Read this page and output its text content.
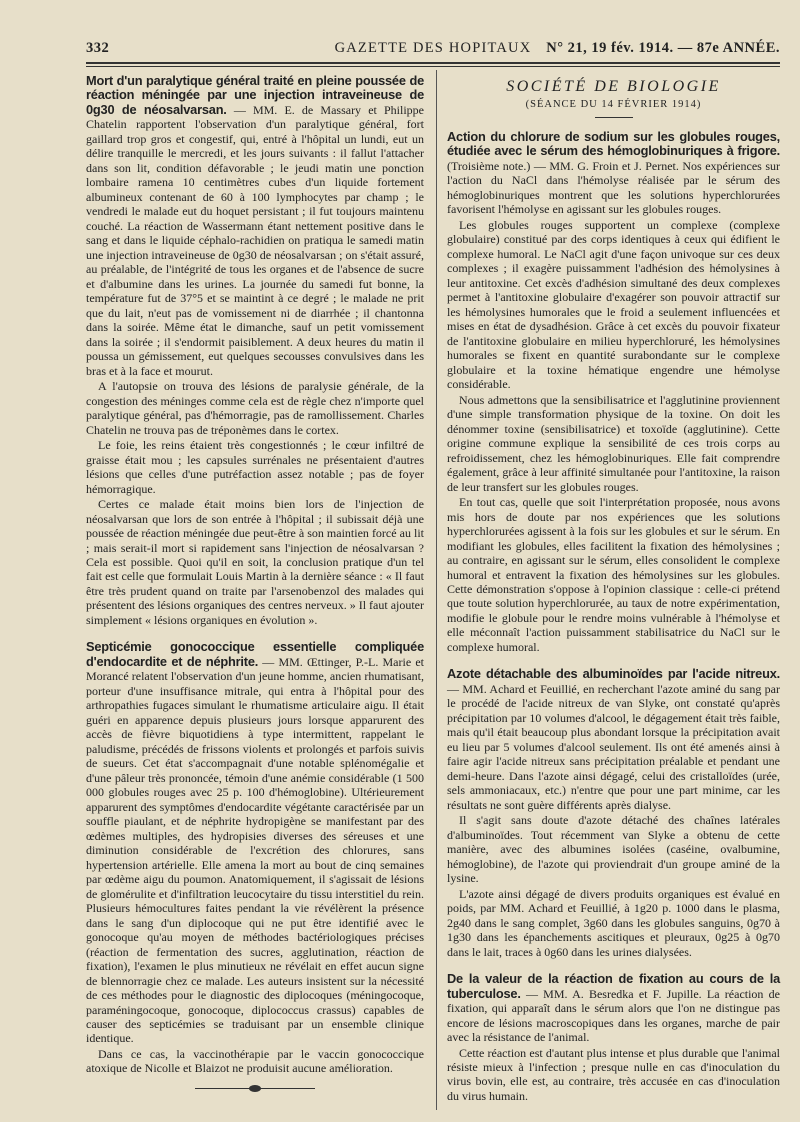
332	GAZETTE DES HOPITAUX	N° 21, 19 fév. 1914. — 87e ANNÉE.

Mort d'un paralytique général traité en pleine poussée de réaction méningée par une injection intraveineuse de 0g30 de néosalvarsan. — MM. E. de Massary et Philippe Chatelin rapportent l'observation d'un paralytique général, fort gaillard trop gros et congestif, qui, entré à l'hôpital un lundi, eut un délire tranquille le mercredi, et les jours suivants : il fallut l'attacher dans son lit, condition défavorable ; le jeudi matin une ponction lombaire ramena 10 centimètres cubes d'un liquide fortement albumineux contenant de 60 à 100 lymphocytes par champ ; le vendredi le malade eut du hoquet persistant ; il fut toujours maintenu couché. La réaction de Wassermann étant nettement positive dans le sang et dans le liquide céphalo-rachidien on pratiqua le samedi matin une injection intraveineuse de 0g30 de néosalvarsan ; on s'était assuré, au préalable, de l'intégrité de tous les organes et de l'absence de sucre et d'albumine dans les urines. La journée du samedi fut bonne, la température fut de 37°5 et se maintint à ce degré ; le malade ne prit que du lait, n'eut pas de vomissement ni de diarrhée ; il chantonna dans la soirée. Même état le dimanche, sauf un petit vomissement dans la soirée ; il s'endormit paisiblement. A deux heures du matin il poussa un gémissement, eut quelques secousses convulsives dans les bras et à la face et mourut.

A l'autopsie on trouva des lésions de paralysie générale, de la congestion des méninges comme cela est de règle chez n'importe quel paralytique général, pas d'hémorragie, pas de ramollissement. Charles Chatelin ne trouva pas de tréponèmes dans le cortex.

Le foie, les reins étaient très congestionnés ; le cœur infiltré de graisse était mou ; les capsules surrénales ne présentaient d'autres lésions que celles d'une putréfaction assez notable ; pas de foyer hémorragique.

Certes ce malade était moins bien lors de l'injection de néosalvarsan que lors de son entrée à l'hôpital ; il subissait déjà une poussée de réaction méningée due peut-être à son maintien forcé au lit ; mais serait-il mort si rapidement sans l'injection de néosalvarsan ? Cela est possible. Quoi qu'il en soit, la conclusion pratique d'un tel fait est celle que formulait Louis Martin à la dernière séance : « Il faut être très prudent quand on traite par l'arsenobenzol des malades qui présentent des lésions organiques des centres nerveux. » Il faut ajouter simplement « lésions organiques en évolution ».

Septicémie gonococcique essentielle compliquée d'endocardite et de néphrite. — MM. Œttinger, P.-L. Marie et Morancé relatent l'observation d'un jeune homme, ancien rhumatisant, porteur d'une insuffisance mitrale, qui entra à l'hôpital pour des arthropathies fugaces simulant le rhumatisme articulaire aigu. Il était guéri en apparence depuis plusieurs jours lorsque apparurent des accès de fièvre biquotidiens à type intermittent, rappelant le paludisme, précédés de frissons violents et prolongés et parfois suivis de sueurs. Cet état s'accompagnait d'une notable splénomégalie et d'une pâleur très prononcée, témoin d'une anémie considérable (1 500 000 globules rouges avec 25 p. 100 d'hémoglobine). Ultérieurement apparurent des symptômes d'endocardite végétante caractérisée par un souffle piaulant, et de néphrite hydropigène se manifestant par des œdèmes multiples, des hydropisies diverses des séreuses et une diminution considérable de l'excrétion des chlorures, sans hypertension artérielle. Elle amena la mort au bout de cinq semaines par œdème aigu du poumon. Anatomiquement, il s'agissait de lésions de glomérulite et d'infiltration leucocytaire du tissu interstitiel du rein. Plusieurs hémocultures faites pendant la vie révélèrent la présence dans le sang d'un diplocoque qui ne put être identifié avec le gonocoque qu'au moyen de méthodes bactériologiques précises (réaction de fermentation des sucres, agglutination, réaction de fixation), l'examen le plus minutieux ne révélait en effet aucun signe de blennorragie chez ce malade. Les auteurs insistent sur la nécessité de ces méthodes pour le diagnostic des diplocoques (méningocoque, paraméningocoque, gonocoque, diplococcus crassus) capables de causer des septicémies se traduisant par un ensemble clinique identique.

Dans ce cas, la vaccinothérapie par le vaccin gonococcique atoxique de Nicolle et Blaizot ne produisit aucune amélioration.

SOCIÉTÉ DE BIOLOGIE
(SÉANCE DU 14 FÉVRIER 1914)

Action du chlorure de sodium sur les globules rouges, étudiée avec le sérum des hémoglobinuriques à frigore. (Troisième note.) — MM. G. Froin et J. Pernet. Nos expériences sur l'action du NaCl dans l'hémolyse réalisée par le sérum des hémoglobinuriques montrent que les solutions hyperchlorurées favorisent l'hémolyse en agissant sur les globules rouges.

Les globules rouges supportent un complexe (complexe globulaire) constitué par des corps identiques à ceux qui édifient le complexe humoral. Le NaCl agit d'une façon univoque sur ces deux complexes ; il exagère puissamment l'adhésion des hémolysines à leur antitoxine. Cet excès d'adhésion simultané des deux complexes permet à l'antitoxine globulaire d'exagérer son pouvoir attractif sur les hémolysines humorales que le froid a seulement influencées et mises en état de dysadhésion. Grâce à cet excès du pouvoir fixateur de l'antitoxine globulaire en milieu hyperchloruré, les hémolysines humorales se fixent en quantité surabondante sur le complexe globulaire et la toxine hématique engendre une hémolyse considérable.

Nous admettons que la sensibilisatrice et l'agglutinine proviennent d'une simple transformation physique de la toxine. On doit les dénommer toxine (sensibilisatrice) et toxoïde (agglutinine). Cette origine commune explique la sensibilité de ces trois corps au refroidissement, chez les hémoglobinuriques. Elle fait comprendre également, grâce à leur affinité simultanée pour l'antitoxine, la raison de leur transfert sur les globules rouges.

En tout cas, quelle que soit l'interprétation proposée, nous avons mis hors de doute par nos expériences que les solutions hyperchlorurées agissent à la fois sur les globules et sur le sérum. En modifiant les globules, elles facilitent la fixation des hémolysines ; au contraire, en agissant sur le sérum, elles consolident le complexe humoral et entravent la fixation des hémolysines sur les globules. Cette démonstration s'oppose à l'opinion classique : celle-ci prétend que toute solution hyperchlorurée, au taux de notre expérimentation, modifie le globule pour le rendre moins vulnérable à l'hémolyse et elle méconnaît l'action puissamment stabilisatrice du NaCl sur le complexe humoral.

Azote détachable des albuminoïdes par l'acide nitreux. — MM. Achard et Feuillié, en recherchant l'azote aminé du sang par le procédé de l'acide nitreux de van Slyke, ont constaté qu'après précipitation par 10 volumes d'alcool, le dégagement était très faible, mais qu'il était beaucoup plus abondant lorsque la précipitation avait eu lieu par 5 volumes d'alcool seulement. Ils ont été amenés ainsi à faire agir l'acide nitreux sans précipitation préalable et pendant une demi-heure. Dans l'azote ainsi dégagé, celui des cristalloïdes (urée, sels ammoniacaux, etc.) n'entre que pour une part minime, car les résultats ne sont guère différents après dialyse.

Il s'agit sans doute d'azote détaché des chaînes latérales d'albuminoïdes. Tout récemment van Slyke a obtenu de cette manière, avec des albumines isolées (caséine, ovalbumine, hémoglobine), de l'azote qui proviendrait d'un groupe aminé de la lysine.

L'azote ainsi dégagé de divers produits organiques est évalué en poids, par MM. Achard et Feuillié, à 1g20 p. 1000 dans le plasma, 2g40 dans le sang complet, 3g60 dans les globules sanguins, 0g70 à 1g30 dans les épanchements ascitiques et pleuraux, 0g25 à 0g70 dans le lait, traces à 0g60 dans les urines dialysées.

De la valeur de la réaction de fixation au cours de la tuberculose. — MM. A. Besredka et F. Jupille. La réaction de fixation, qui apparaît dans le sérum alors que l'on ne distingue pas encore de lésions macroscopiques dans les organes, marche de pair avec la résistance de l'animal.

Cette réaction est d'autant plus intense et plus durable que l'animal résiste mieux à l'infection ; presque nulle en cas d'inoculation du virus bovin, elle est, au contraire, très accusée en cas d'inoculation du virus humain.
